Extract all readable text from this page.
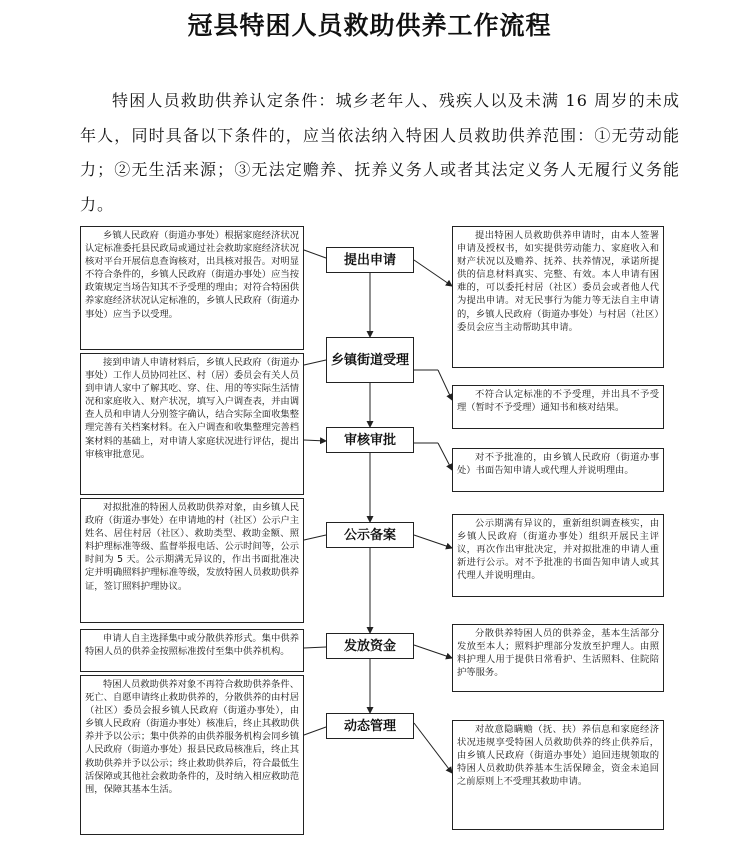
冠县特困人员救助供养工作流程
特困人员救助供养认定条件：城乡老年人、残疾人以及未满 16 周岁的未成年人，同时具备以下条件的，应当依法纳入特困人员救助供养范围：①无劳动能力；②无生活来源；③无法定赡养、抚养义务人或者其法定义务人无履行义务能力。
提出申请
乡镇街道受理
审核审批
公示备案
发放资金
动态管理
乡镇人民政府（街道办事处）根据家庭经济状况认定标准委托县民政局或通过社会救助家庭经济状况核对平台开展信息查询核对，出具核对报告。对明显不符合条件的，乡镇人民政府（街道办事处）应当按政策规定当场告知其不予受理的理由；对符合特困供养家庭经济状况认定标准的，乡镇人民政府（街道办事处）应当予以受理。
接到申请人申请材料后，乡镇人民政府（街道办事处）工作人员协同社区、村（居）委员会有关人员到申请人家中了解其吃、穿、住、用的等实际生活情况和家庭收入、财产状况，填写入户调查表，并由调查人员和申请人分别签字确认，结合实际全面收集整理完善有关档案材料。在入户调查和收集整理完善档案材料的基础上，对申请人家庭状况进行评估，提出审核审批意见。
对拟批准的特困人员救助供养对象，由乡镇人民政府（街道办事处）在申请地的村（社区）公示户主姓名、居住村居（社区）、救助类型、救助金额、照料护理标准等级、监督举报电话、公示时间等，公示时间为 5 天。公示期满无异议的，作出书面批准决定并明确照料护理标准等级，发放特困人员救助供养证，签订照料护理协议。
申请人自主选择集中或分散供养形式。集中供养特困人员的供养金按照标准拨付至集中供养机构。
特困人员救助供养对象不再符合救助供养条件、死亡、自愿申请终止救助供养的，分散供养的由村居（社区）委员会报乡镇人民政府（街道办事处），由乡镇人民政府（街道办事处）核准后，终止其救助供养并予以公示；集中供养的由供养服务机构会同乡镇人民政府（街道办事处）报县民政局核准后，终止其救助供养并予以公示；终止救助供养后，符合最低生活保障或其他社会救助条件的，及时纳入相应救助范围，保障其基本生活。
提出特困人员救助供养申请时，由本人签署申请及授权书，如实提供劳动能力、家庭收入和财产状况以及赡养、抚养、扶养情况，承诺所提供的信息材料真实、完整、有效。本人申请有困难的，可以委托村居（社区）委员会或者他人代为提出申请。对无民事行为能力等无法自主申请的，乡镇人民政府（街道办事处）与村居（社区）委员会应当主动帮助其申请。
不符合认定标准的不予受理，并出具不予受理（暂时不予受理）通知书和核对结果。
对不予批准的，由乡镇人民政府（街道办事处）书面告知申请人或代理人并说明理由。
公示期满有异议的，重新组织调查核实，由乡镇人民政府（街道办事处）组织开展民主评议，再次作出审批决定，并对拟批准的申请人重新进行公示。对不予批准的书面告知申请人或其代理人并说明理由。
分散供养特困人员的供养金，基本生活部分发放至本人；照料护理部分发放至护理人。由照料护理人用于提供日常看护、生活照料、住院陪护等服务。
对故意隐瞒赡（抚、扶）养信息和家庭经济状况违规享受特困人员救助供养的终止供养后，由乡镇人民政府（街道办事处）追回违规领取的特困人员救助供养基本生活保障金，资金未追回之前原则上不受理其救助申请。
